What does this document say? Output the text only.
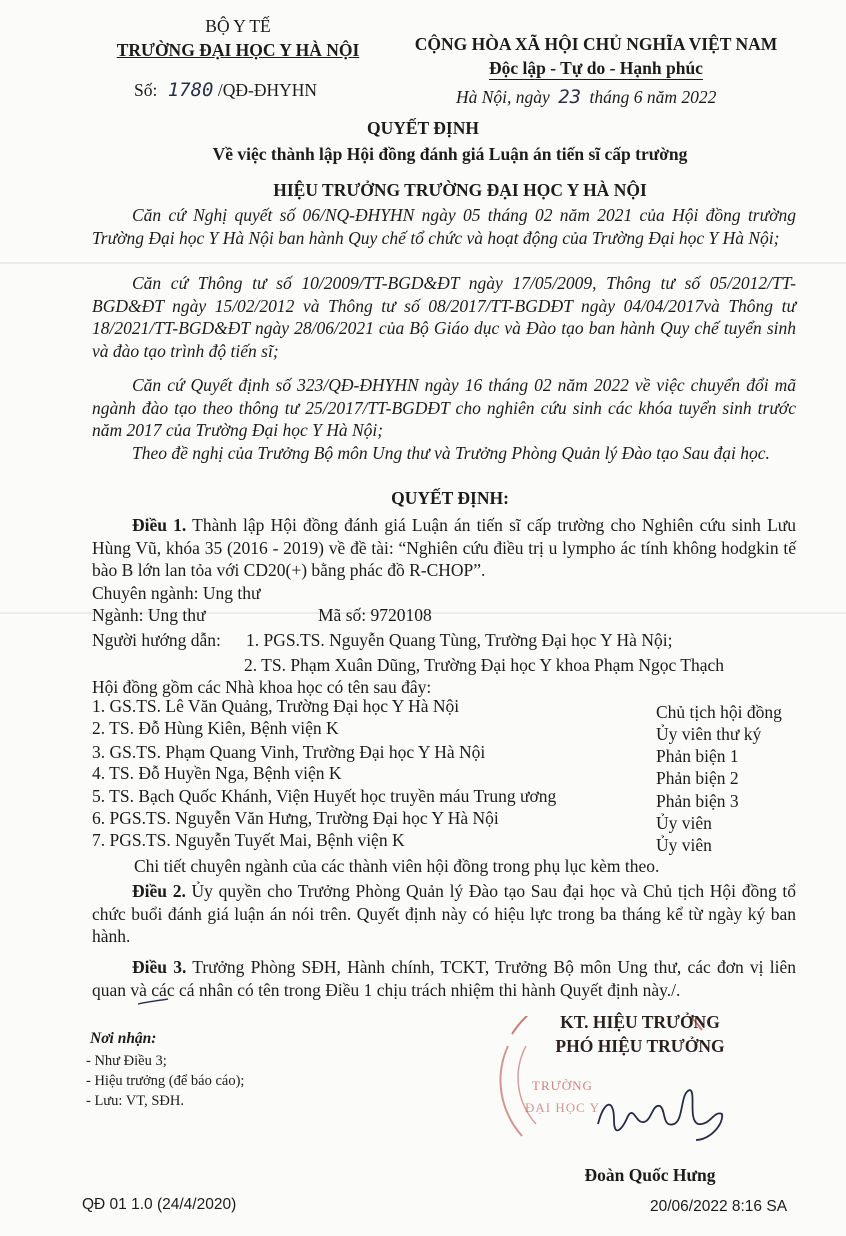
BỘ Y TẾ
TRƯỜNG ĐẠI HỌC Y HÀ NỘI
Số: 1780 /QĐ-ĐHYHN
CỘNG HÒA XÃ HỘI CHỦ NGHĨA VIỆT NAM
Độc lập - Tự do - Hạnh phúc
Hà Nội, ngày 23 tháng 6 năm 2022
QUYẾT ĐỊNH
Về việc thành lập Hội đồng đánh giá Luận án tiến sĩ cấp trường
HIỆU TRƯỞNG TRƯỜNG ĐẠI HỌC Y HÀ NỘI
Căn cứ Nghị quyết số 06/NQ-ĐHYHN ngày 05 tháng 02 năm 2021 của Hội đồng trường Trường Đại học Y Hà Nội ban hành Quy chế tổ chức và hoạt động của Trường Đại học Y Hà Nội;
Căn cứ Thông tư số 10/2009/TT-BGD&ĐT ngày 17/05/2009, Thông tư số 05/2012/TT-BGD&ĐT ngày 15/02/2012 và Thông tư số 08/2017/TT-BGDĐT ngày 04/04/2017và Thông tư 18/2021/TT-BGD&ĐT ngày 28/06/2021 của Bộ Giáo dục và Đào tạo ban hành Quy chế tuyển sinh và đào tạo trình độ tiến sĩ;
Căn cứ Quyết định số 323/QĐ-ĐHYHN ngày 16 tháng 02 năm 2022 về việc chuyển đổi mã ngành đào tạo theo thông tư 25/2017/TT-BGDĐT cho nghiên cứu sinh các khóa tuyển sinh trước năm 2017 của Trường Đại học Y Hà Nội;
Theo đề nghị của Trưởng Bộ môn Ung thư và Trưởng Phòng Quản lý Đào tạo Sau đại học.
QUYẾT ĐỊNH:
Điều 1. Thành lập Hội đồng đánh giá Luận án tiến sĩ cấp trường cho Nghiên cứu sinh Lưu Hùng Vũ, khóa 35 (2016 - 2019) về đề tài: “Nghiên cứu điều trị u lympho ác tính không hodgkin tế bào B lớn lan tỏa với CD20(+) bằng phác đồ R-CHOP”.
Chuyên ngành: Ung thư
Ngành: Ung thư	Mã số: 9720108
Người hướng dẫn: 1. PGS.TS. Nguyễn Quang Tùng, Trường Đại học Y Hà Nội;
2. TS. Phạm Xuân Dũng, Trường Đại học Y khoa Phạm Ngọc Thạch
Hội đồng gồm các Nhà khoa học có tên sau đây:
1. GS.TS. Lê Văn Quảng, Trường Đại học Y Hà Nội	Chủ tịch hội đồng
2. TS. Đỗ Hùng Kiên, Bệnh viện K	Ủy viên thư ký
3. GS.TS. Phạm Quang Vinh, Trường Đại học Y Hà Nội	Phản biện 1
4. TS. Đỗ Huyền Nga, Bệnh viện K	Phản biện 2
5. TS. Bạch Quốc Khánh, Viện Huyết học truyền máu Trung ương	Phản biện 3
6. PGS.TS. Nguyễn Văn Hưng, Trường Đại học Y Hà Nội	Ủy viên
7. PGS.TS. Nguyễn Tuyết Mai, Bệnh viện K	Ủy viên
Chi tiết chuyên ngành của các thành viên hội đồng trong phụ lục kèm theo.
Điều 2. Ủy quyền cho Trưởng Phòng Quản lý Đào tạo Sau đại học và Chủ tịch Hội đồng tổ chức buổi đánh giá luận án nói trên. Quyết định này có hiệu lực trong ba tháng kể từ ngày ký ban hành.
Điều 3. Trưởng Phòng SĐH, Hành chính, TCKT, Trưởng Bộ môn Ung thư, các đơn vị liên quan và các cá nhân có tên trong Điều 1 chịu trách nhiệm thi hành Quyết định này./.
Nơi nhận:
- Như Điều 3;
- Hiệu trưởng (để báo cáo);
- Lưu: VT, SĐH.
KT. HIỆU TRƯỞNG
PHÓ HIỆU TRƯỞNG
TRƯỜNG
ĐẠI HỌC Y
Đoàn Quốc Hưng
QĐ 01 1.0 (24/4/2020)	20/06/2022 8:16 SA
